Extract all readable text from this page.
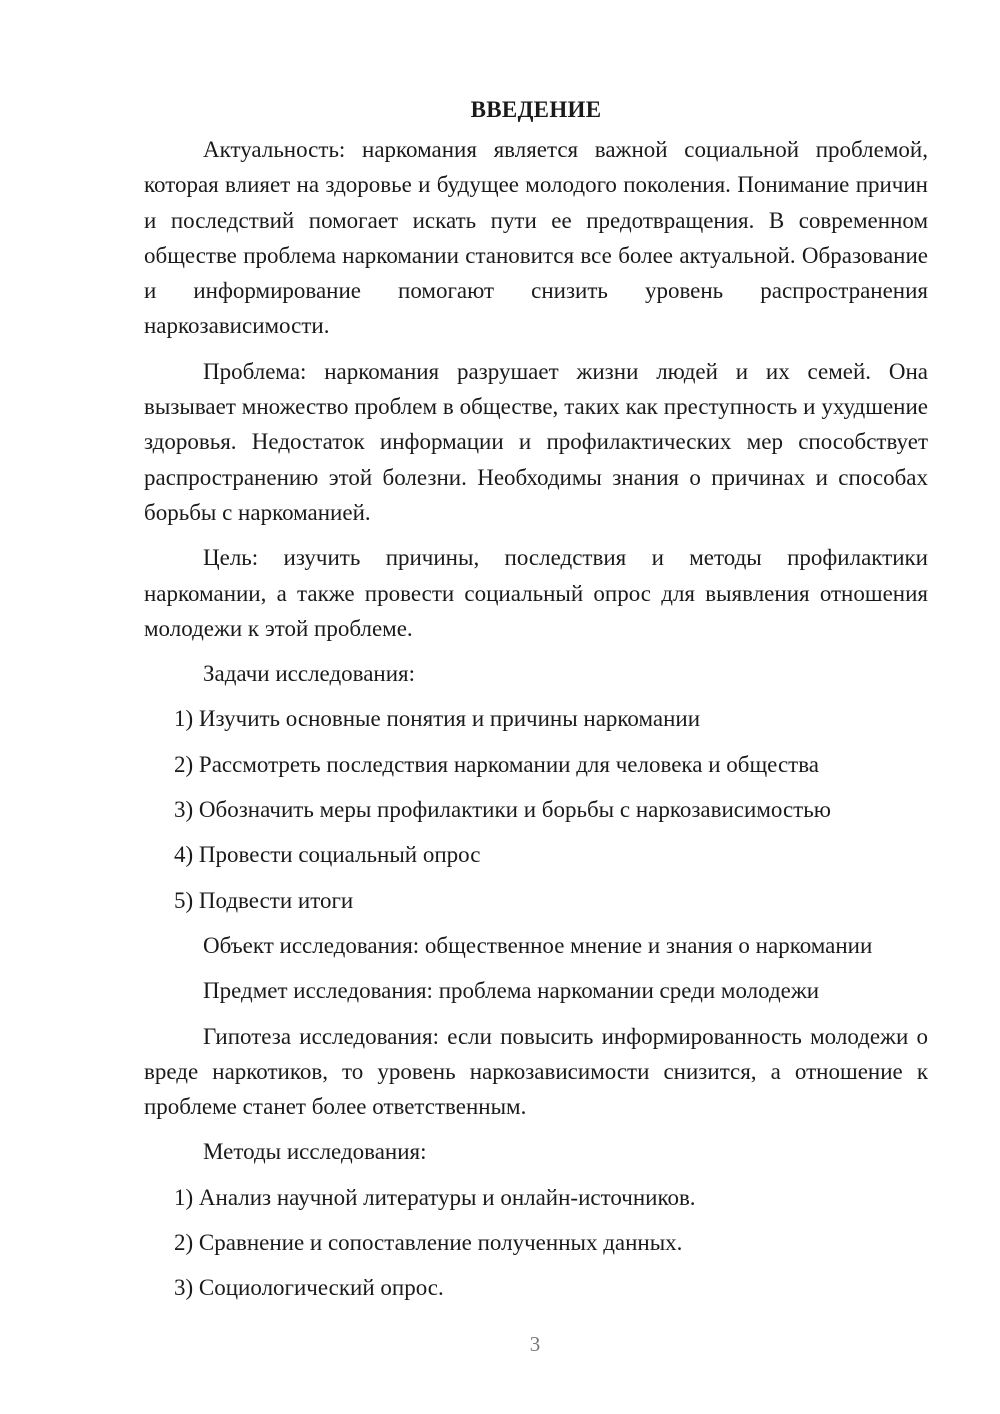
ВВЕДЕНИЕ

Актуальность: наркомания является важной социальной проблемой, которая влияет на здоровье и будущее молодого поколения. Понимание причин и последствий помогает искать пути ее предотвращения. В современном обществе проблема наркомании становится все более актуальной. Образование и информирование помогают снизить уровень распространения наркозависимости.

Проблема: наркомания разрушает жизни людей и их семей. Она вызывает множество проблем в обществе, таких как преступность и ухудшение здоровья. Недостаток информации и профилактических мер способствует распространению этой болезни. Необходимы знания о причинах и способах борьбы с наркоманией.

Цель: изучить причины, последствия и методы профилактики наркомании, а также провести социальный опрос для выявления отношения молодежи к этой проблеме.

Задачи исследования:
1) Изучить основные понятия и причины наркомании
2) Рассмотреть последствия наркомании для человека и общества
3) Обозначить меры профилактики и борьбы с наркозависимостью
4) Провести социальный опрос
5) Подвести итоги
Объект исследования: общественное мнение и знания о наркомании
Предмет исследования: проблема наркомании среди молодежи

Гипотеза исследования: если повысить информированность молодежи о вреде наркотиков, то уровень наркозависимости снизится, а отношение к проблеме станет более ответственным.

Методы исследования:
1) Анализ научной литературы и онлайн-источников.
2) Сравнение и сопоставление полученных данных.
3) Социологический опрос.
3
